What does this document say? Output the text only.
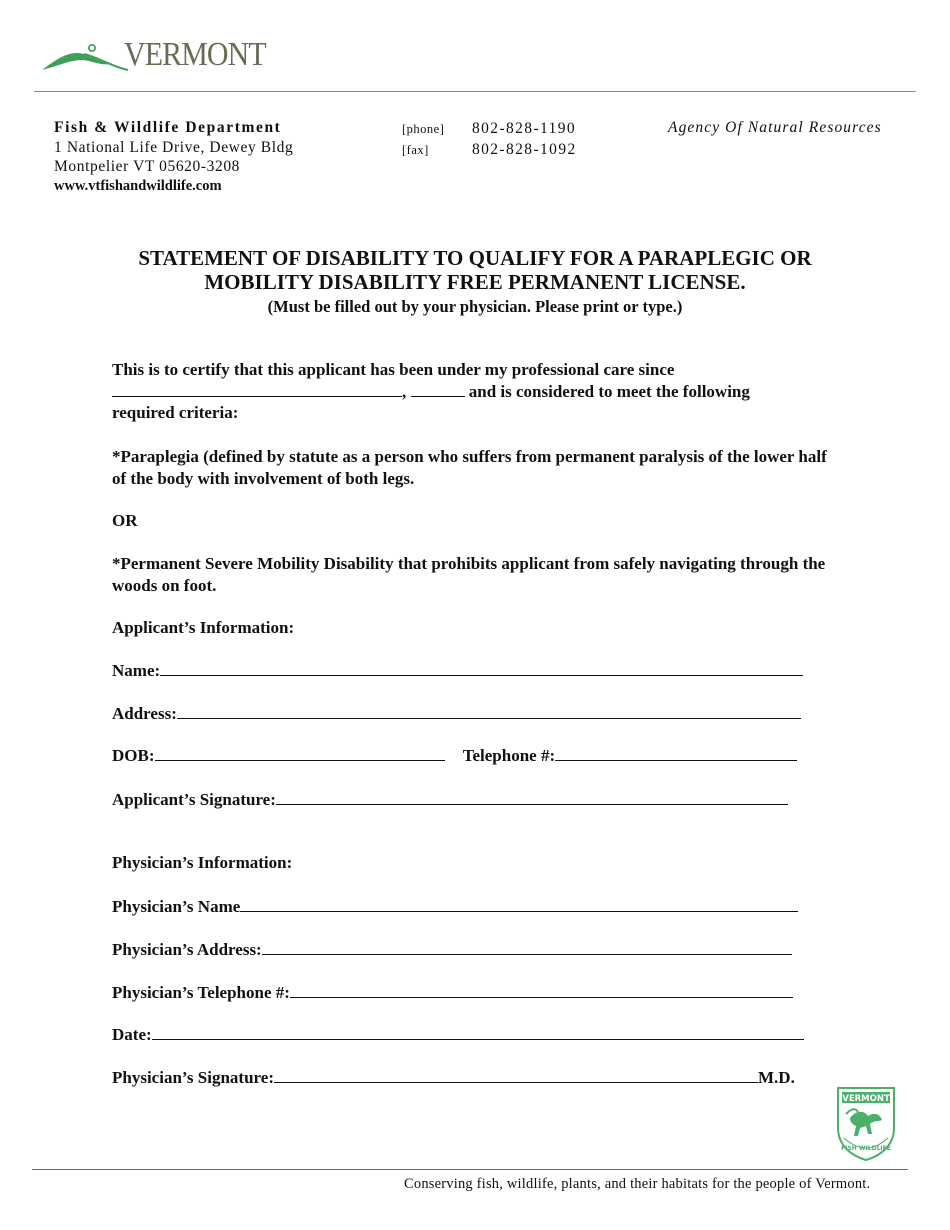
VERMONT
Fish & Wildlife Department
1 National Life Drive, Dewey Bldg
Montpelier VT 05620-3208
www.vtfishandwildlife.com
[phone] 802-828-1190
[fax]	802-828-1092
Agency Of Natural Resources
STATEMENT OF DISABILITY TO QUALIFY FOR A PARAPLEGIC OR
MOBILITY DISABILITY FREE PERMANENT LICENSE.
(Must be filled out by your physician. Please print or type.)
This is to certify that this applicant has been under my professional care since
,	and is considered to meet the following
required criteria:
*Paraplegia (defined by statute as a person who suffers from permanent paralysis of the lower half of the body with involvement of both legs.
OR
*Permanent Severe Mobility Disability that prohibits applicant from safely navigating through the woods on foot.
Applicant’s Information:
Name:
Address:
DOB:	Telephone #:
Applicant’s Signature:
Physician’s Information:
Physician’s Name
Physician’s Address:
Physician’s Telephone #:
Date:
Physician’s Signature:	M.D.
VERMONT
FISH WILDLIFE
Conserving fish, wildlife, plants, and their habitats for the people of Vermont.
